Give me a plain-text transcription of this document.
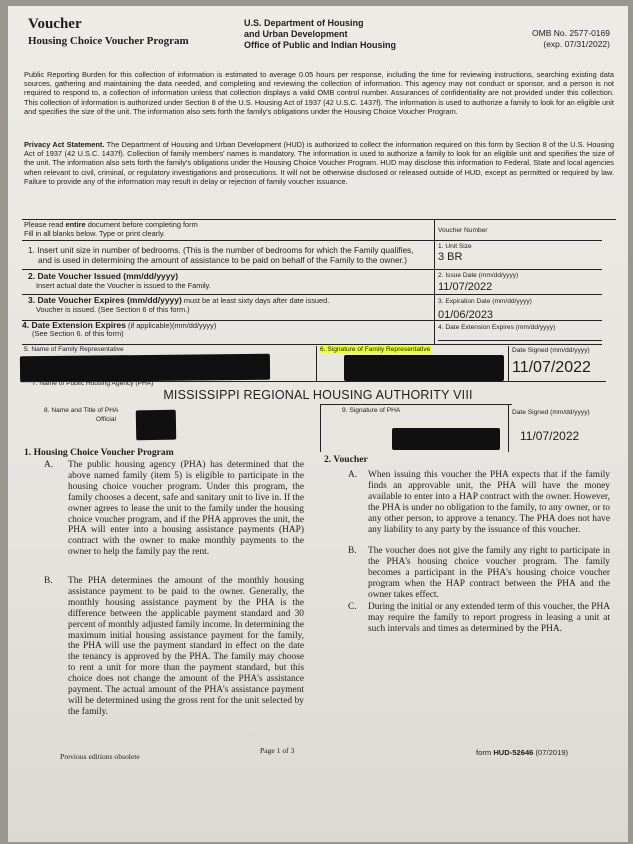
Voucher
Housing Choice Voucher Program
U.S. Department of Housing
and Urban Development
Office of Public and Indian Housing
OMB No. 2577-0169
(exp. 07/31/2022)
Public Reporting Burden for this collection of information is estimated to average 0.05 hours per response, including the time for reviewing instructions, searching existing data sources, gathering and maintaining the data needed, and completing and reviewing the collection of information. This agency may not conduct or sponsor, and a person is not required to respond to, a collection of information unless that collection displays a valid OMB control number. Assurances of confidentiality are not provided under this collection. This collection of information is authorized under Section 8 of the U.S. Housing Act of 1937 (42 U.S.C. 1437f). The information is used to authorize a family to look for an eligible unit and specifies the size of the unit. The information also sets forth the family's obligations under the Housing Choice Voucher Program.
Privacy Act Statement. The Department of Housing and Urban Development (HUD) is authorized to collect the information required on this form by Section 8 of the U.S. Housing Act of 1937 (42 U.S.C. 1437f). Collection of family members' names is mandatory. The information is used to authorize a family to look for an eligible unit and specifies the size of the unit. The information also sets forth the family's obligations under the Housing Choice Voucher Program. HUD may disclose this information to Federal, State and local agencies when relevant to civil, criminal, or regulatory investigations and prosecutions. It will not be otherwise disclosed or released outside of HUD, except as permitted or required by law. Failure to provide any of the information may result in delay or rejection of family voucher issuance.
Please read entire document before completing form
Fill in all blanks below. Type or print clearly.	Voucher Number
1. Insert unit size in number of bedrooms. (This is the number of bedrooms for which the Family qualifies,
and is used in determining the amount of assistance to be paid on behalf of the Family to the owner.)
1. Unit Size
3 BR
2. Date Voucher Issued (mm/dd/yyyy)
Insert actual date the Voucher is issued to the Family.
2. Issue Date (mm/dd/yyyy)
11/07/2022
3. Date Voucher Expires (mm/dd/yyyy) must be at least sixty days after date issued.
Voucher is issued. (See Section 6 of this form.)
3. Expiration Date (mm/dd/yyyy)
01/06/2023
4. Date Extension Expires (if applicable)(mm/dd/yyyy)
(See Section 6. of this form)
4. Date Extension Expires (mm/dd/yyyy)
5. Name of Family Representative	6. Signature of Family Representative	Date Signed (mm/dd/yyyy)
11/07/2022
7. Name of Public Housing Agency (PHA)
MISSISSIPPI REGIONAL HOUSING AUTHORITY VIII
8. Name and Title of PHA
Official
9. Signature of PHA	Date Signed (mm/dd/yyyy)
11/07/2022
1. Housing Choice Voucher Program
A. The public housing agency (PHA) has determined that the above named family (item 5) is eligible to participate in the housing choice voucher program. Under this program, the family chooses a decent, safe and sanitary unit to live in. If the owner agrees to lease the unit to the family under the housing choice voucher program, and if the PHA approves the unit, the PHA will enter into a housing assistance payments (HAP) contract with the owner to make monthly payments to the owner to help the family pay the rent.
B. The PHA determines the amount of the monthly housing assistance payment to be paid to the owner. Generally, the monthly housing assistance payment by the PHA is the difference between the applicable payment standard and 30 percent of monthly adjusted family income. In determining the maximum initial housing assistance payment for the family, the PHA will use the payment standard in effect on the date the tenancy is approved by the PHA. The family may choose to rent a unit for more than the payment standard, but this choice does not change the amount of the PHA's assistance payment. The actual amount of the PHA's assistance payment will be determined using the gross rent for the unit selected by the family.
2. Voucher
A. When issuing this voucher the PHA expects that if the family finds an approvable unit, the PHA will have the money available to enter into a HAP contract with the owner. However, the PHA is under no obligation to the family, to any owner, or to any other person, to approve a tenancy. The PHA does not have any liability to any party by the issuance of this voucher.
B. The voucher does not give the family any right to participate in the PHA's housing choice voucher program. The family becomes a participant in the PHA's housing choice voucher program when the HAP contract between the PHA and the owner takes effect.
C. During the initial or any extended term of this voucher, the PHA may require the family to report progress in leasing a unit at such intervals and times as determined by the PHA.
Previous editions obsolete
Page 1 of 3	form HUD-52646 (07/2019)
